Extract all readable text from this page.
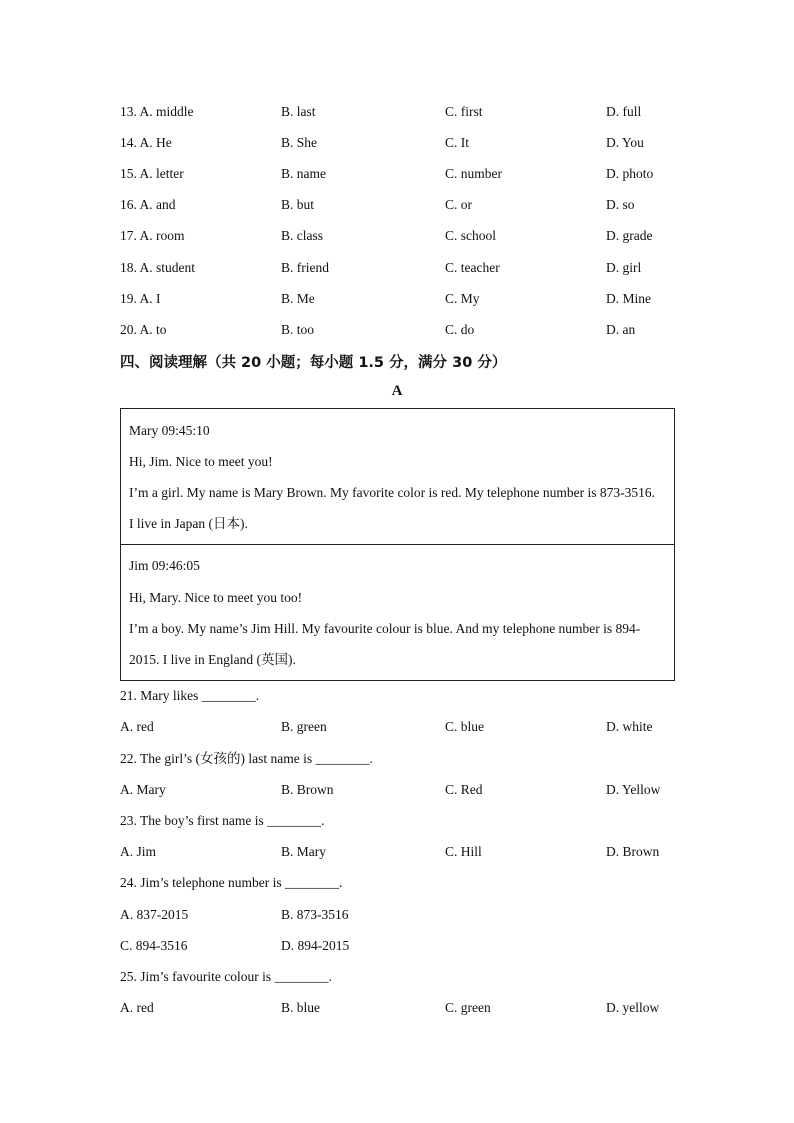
13. A. middle	B. last	C. first	D. full
14. A. He	B. She	C. It	D. You
15. A. letter	B. name	C. number	D. photo
16. A. and	B. but	C. or	D. so
17. A. room	B. class	C. school	D. grade
18. A. student	B. friend	C. teacher	D. girl
19. A. I	B. Me	C. My	D. Mine
20. A. to	B. too	C. do	D. an
四、阅读理解（共 20 小题；每小题 1.5 分，满分 30 分）
A
Mary 09:45:10
Hi, Jim. Nice to meet you!
I’m a girl. My name is Mary Brown. My favorite color is red. My telephone number is 873-3516.
I live in Japan (日本).
Jim 09:46:05
Hi, Mary. Nice to meet you too!
I’m a boy. My name’s Jim Hill. My favourite colour is blue. And my telephone number is 894-
2015. I live in England (英国).
21. Mary likes ________.
A. red	B. green	C. blue	D. white
22. The girl’s (女孩的) last name is ________.
A. Mary	B. Brown	C. Red	D. Yellow
23. The boy’s first name is ________.
A. Jim	B. Mary	C. Hill	D. Brown
24. Jim’s telephone number is ________.
A. 837-2015	B. 873-3516
C. 894-3516	D. 894-2015
25. Jim’s favourite colour is ________.
A. red	B. blue	C. green	D. yellow
